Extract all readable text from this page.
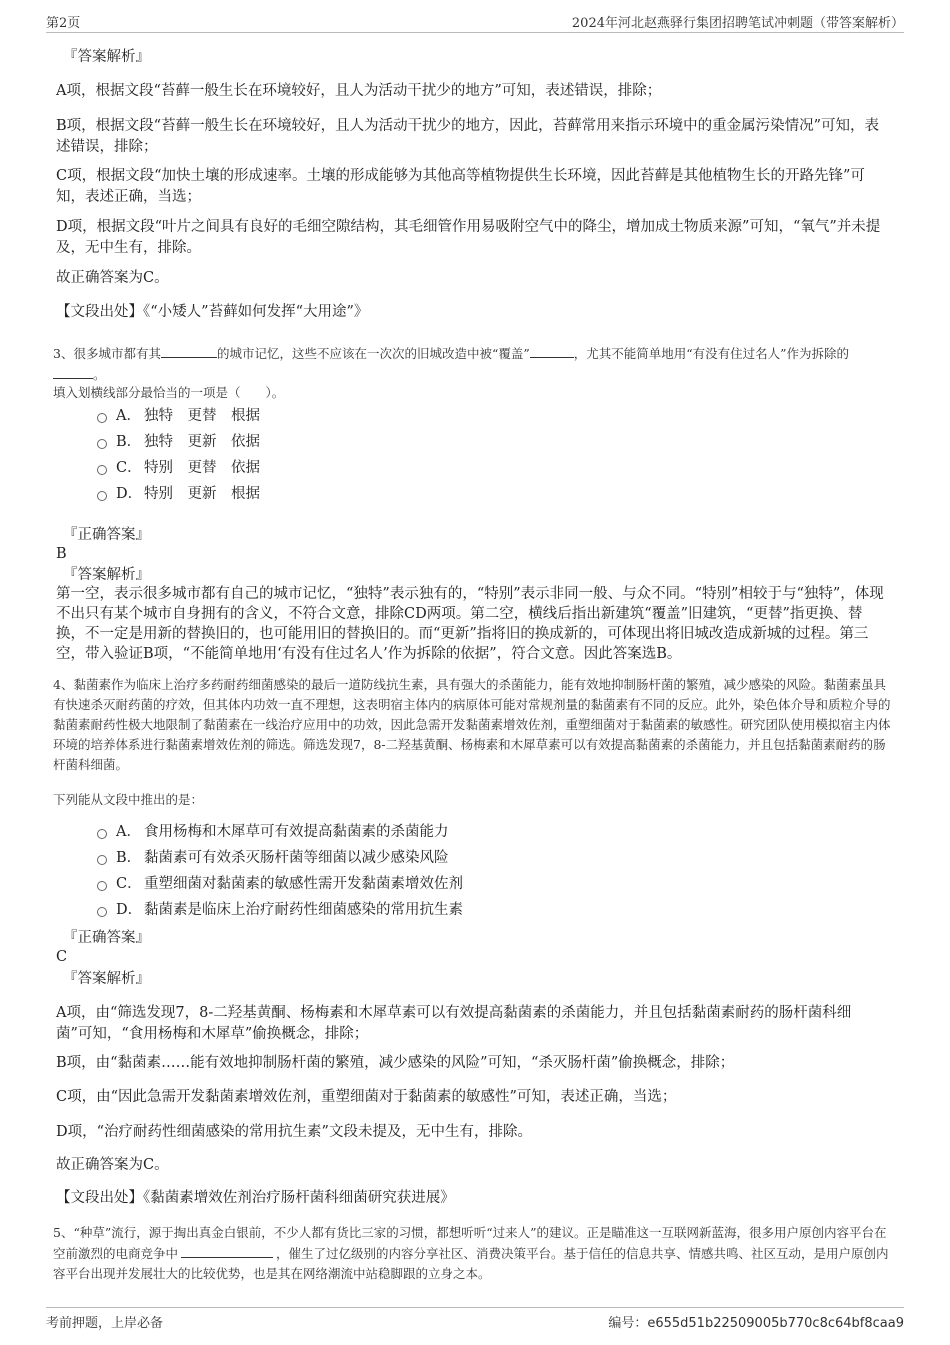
第2页	2024年河北赵燕驿行集团招聘笔试冲刺题（带答案解析）
『答案解析』

A项，根据文段“苔藓一般生长在环境较好，且人为活动干扰少的地方”可知，表述错误，排除；

B项，根据文段“苔藓一般生长在环境较好，且人为活动干扰少的地方，因此，苔藓常用来指示环境中的重金属污染情况”可知，表述错误，排除；

C项，根据文段“加快土壤的形成速率。土壤的形成能够为其他高等植物提供生长环境，因此苔藓是其他植物生长的开路先锋”可知，表述正确，当选；

D项，根据文段“叶片之间具有良好的毛细空隙结构，其毛细管作用易吸附空气中的降尘，增加成土物质来源”可知，“氧气”并未提及，无中生有，排除。

故正确答案为C。

【文段出处】《“小矮人”苔藓如何发挥“大用途”》

3、很多城市都有其	的城市记忆，这些不应该在一次次的旧城改造中被“覆盖”	，尤其不能简单地用“有没有住过名人”作为拆除的
。

填入划横线部分最恰当的一项是（　　）。

A． 独特　更替　根据
B． 独特　更新　依据
C． 特别　更替　依据
D． 特别　更新　根据
『正确答案』
B
『答案解析』

第一空，表示很多城市都有自己的城市记忆，“独特”表示独有的，“特别”表示非同一般、与众不同。“特别”相较于与“独特”，体现不出只有某个城市自身拥有的含义，不符合文意，排除CD两项。第二空，横线后指出新建筑“覆盖”旧建筑，“更替”指更换、替换，不一定是用新的替换旧的，也可能用旧的替换旧的。而“更新”指将旧的换成新的，可体现出将旧城改造成新城的过程。第三空，带入验证B项，“不能简单地用‘有没有住过名人’作为拆除的依据”，符合文意。因此答案选B。

4、黏菌素作为临床上治疗多药耐药细菌感染的最后一道防线抗生素，具有强大的杀菌能力，能有效地抑制肠杆菌的繁殖，减少感染的风险。黏菌素虽具有快速杀灭耐药菌的疗效，但其体内功效一直不理想，这表明宿主体内的病原体可能对常规剂量的黏菌素有不同的反应。此外，染色体介导和质粒介导的黏菌素耐药性极大地限制了黏菌素在一线治疗应用中的功效，因此急需开发黏菌素增效佐剂，重塑细菌对于黏菌素的敏感性。研究团队使用模拟宿主内体环境的培养体系进行黏菌素增效佐剂的筛选。筛选发现7，8-二羟基黄酮、杨梅素和木犀草素可以有效提高黏菌素的杀菌能力，并且包括黏菌素耐药的肠杆菌科细菌。

下列能从文段中推出的是：

A． 食用杨梅和木犀草可有效提高黏菌素的杀菌能力
B． 黏菌素可有效杀灭肠杆菌等细菌以减少感染风险
C． 重塑细菌对黏菌素的敏感性需开发黏菌素增效佐剂
D． 黏菌素是临床上治疗耐药性细菌感染的常用抗生素
『正确答案』
C
『答案解析』

A项，由“筛选发现7，8-二羟基黄酮、杨梅素和木犀草素可以有效提高黏菌素的杀菌能力，并且包括黏菌素耐药的肠杆菌科细菌”可知，“食用杨梅和木犀草”偷换概念，排除；

B项，由“黏菌素……能有效地抑制肠杆菌的繁殖，减少感染的风险”可知，“杀灭肠杆菌”偷换概念，排除；

C项，由“因此急需开发黏菌素增效佐剂，重塑细菌对于黏菌素的敏感性”可知，表述正确，当选；

D项，“治疗耐药性细菌感染的常用抗生素”文段未提及，无中生有，排除。

故正确答案为C。

【文段出处】《黏菌素增效佐剂治疗肠杆菌科细菌研究获进展》

5、“种草”流行，源于掏出真金白银前，不少人都有货比三家的习惯，都想听听“过来人”的建议。正是瞄准这一互联网新蓝海，很多用户原创内容平台在空前激烈的电商竞争中	，催生了过亿级别的内容分享社区、消费决策平台。基于信任的信息共享、情感共鸣、社区互动，是用户原创内容平台出现并发展壮大的比较优势，也是其在网络潮流中站稳脚跟的立身之本。

考前押题，上岸必备	编号：e655d51b22509005b770c8c64bf8caa9
